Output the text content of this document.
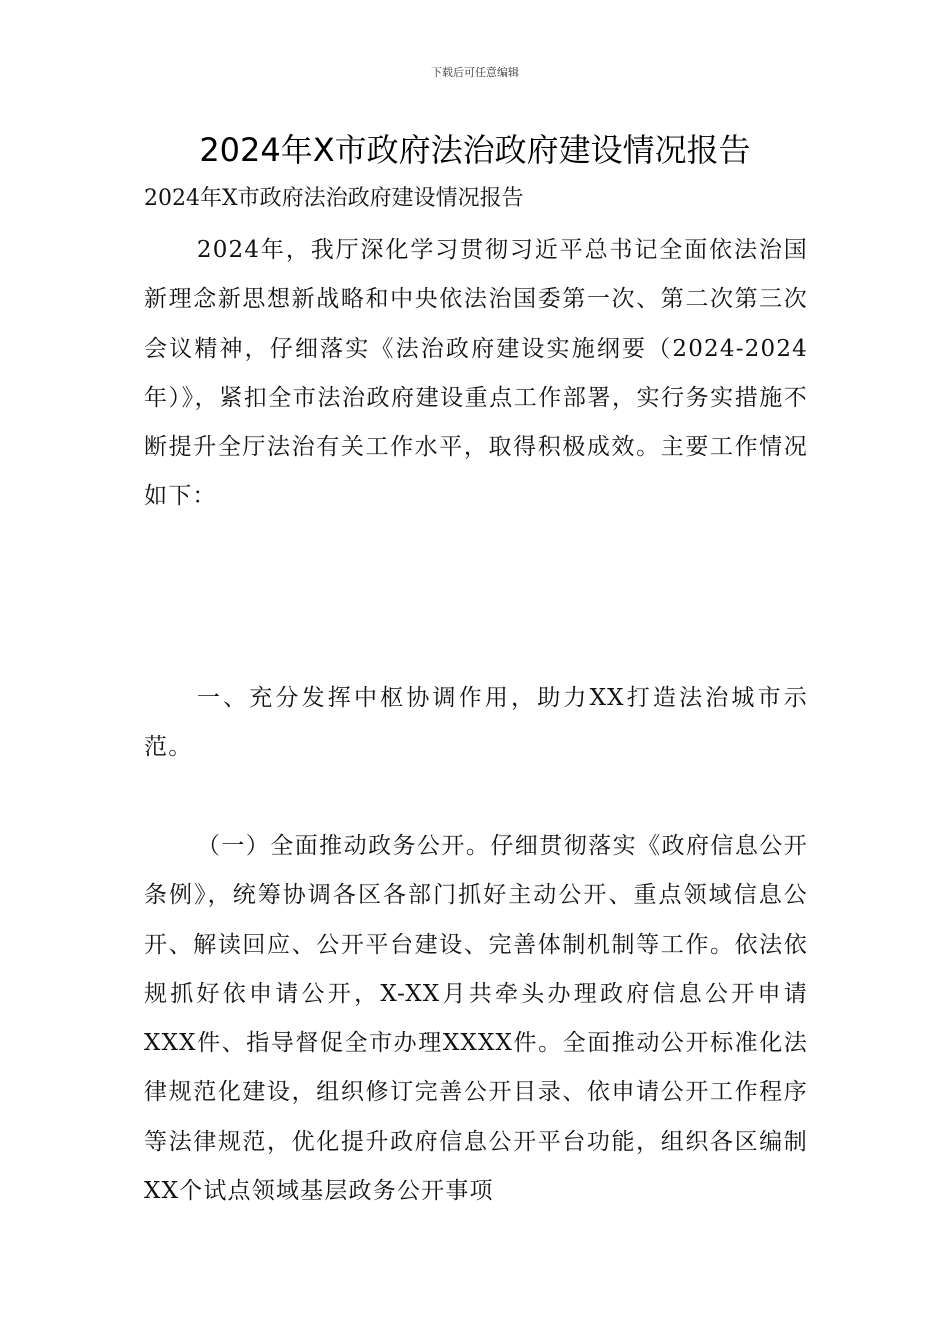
下载后可任意编辑
2024年X市政府法治政府建设情况报告
2024年X市政府法治政府建设情况报告

2024年，我厅深化学习贯彻习近平总书记全面依法治国新理念新思想新战略和中央依法治国委第一次、第二次第三次会议精神，仔细落实《法治政府建设实施纲要（2024-2024年）》，紧扣全市法治政府建设重点工作部署，实行务实措施不断提升全厅法治有关工作水平，取得积极成效。主要工作情况如下：

一、充分发挥中枢协调作用，助力XX打造法治城市示范。

（一）全面推动政务公开。仔细贯彻落实《政府信息公开条例》，统筹协调各区各部门抓好主动公开、重点领域信息公开、解读回应、公开平台建设、完善体制机制等工作。依法依规抓好依申请公开，X-XX月共牵头办理政府信息公开申请XXX件、指导督促全市办理XXXX件。全面推动公开标准化法律规范化建设，组织修订完善公开目录、依申请公开工作程序等法律规范，优化提升政府信息公开平台功能，组织各区编制XX个试点领域基层政务公开事项
